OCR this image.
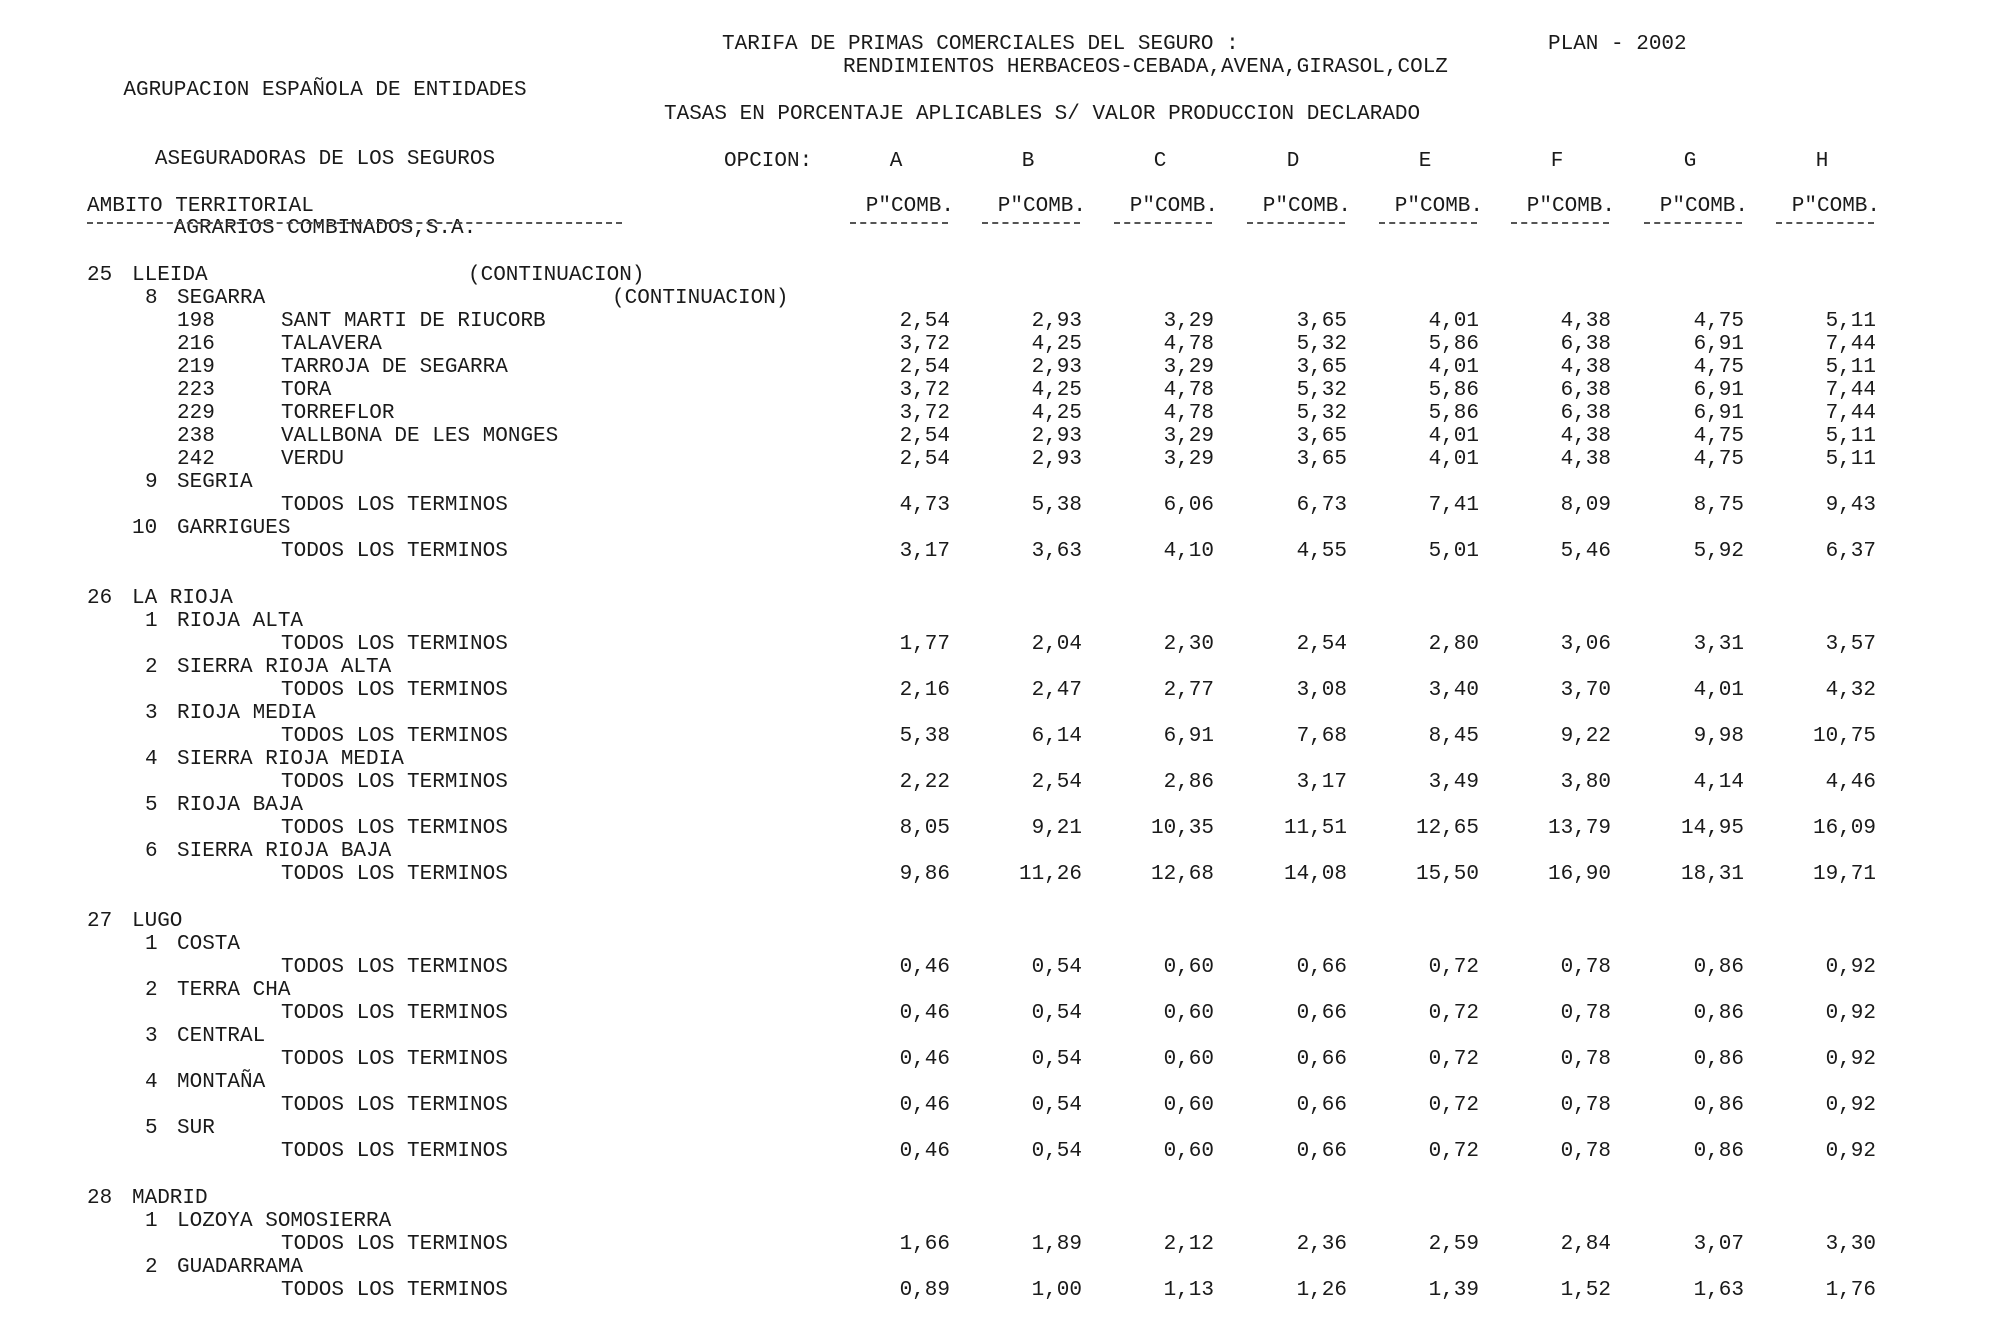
AGRUPACION ESPAÑOLA DE ENTIDADES

ASEGURADORAS DE LOS SEGUROS

AGRARIOS COMBINADOS,S.A.

TARIFA DE PRIMAS COMERCIALES DEL SEGURO :
RENDIMIENTOS HERBACEOS-CEBADA,AVENA,GIRASOL,COLZ
PLAN - 2002
TASAS EN PORCENTAJE APLICABLES S/ VALOR PRODUCCION DECLARADO

OPCION:

	A	B	C	D	E	F	G	H

AMBITO TERRITORIAL

	P"COMB.	P"COMB.	P"COMB.	P"COMB.	P"COMB.	P"COMB.	P"COMB.	P"COMB.

25 LLEIDA	(CONTINUACION)
8 SEGARRA	(CONTINUACION)
198	SANT MARTI DE RIUCORB	2,54	2,93	3,29	3,65	4,01	4,38	4,75	5,11
216	TALAVERA	3,72	4,25	4,78	5,32	5,86	6,38	6,91	7,44
219	TARROJA DE SEGARRA	2,54	2,93	3,29	3,65	4,01	4,38	4,75	5,11
223	TORA	3,72	4,25	4,78	5,32	5,86	6,38	6,91	7,44
229	TORREFLOR	3,72	4,25	4,78	5,32	5,86	6,38	6,91	7,44
238	VALLBONA DE LES MONGES	2,54	2,93	3,29	3,65	4,01	4,38	4,75	5,11
242	VERDU	2,54	2,93	3,29	3,65	4,01	4,38	4,75	5,11
9 SEGRIA
TODOS LOS TERMINOS	4,73	5,38	6,06	6,73	7,41	8,09	8,75	9,43
10 GARRIGUES
TODOS LOS TERMINOS	3,17	3,63	4,10	4,55	5,01	5,46	5,92	6,37
26 LA RIOJA
1 RIOJA ALTA
TODOS LOS TERMINOS	1,77	2,04	2,30	2,54	2,80	3,06	3,31	3,57
2 SIERRA RIOJA ALTA
TODOS LOS TERMINOS	2,16	2,47	2,77	3,08	3,40	3,70	4,01	4,32
3 RIOJA MEDIA
TODOS LOS TERMINOS	5,38	6,14	6,91	7,68	8,45	9,22	9,98	10,75
4 SIERRA RIOJA MEDIA
TODOS LOS TERMINOS	2,22	2,54	2,86	3,17	3,49	3,80	4,14	4,46
5 RIOJA BAJA
TODOS LOS TERMINOS	8,05	9,21	10,35	11,51	12,65	13,79	14,95	16,09
6 SIERRA RIOJA BAJA
TODOS LOS TERMINOS	9,86	11,26	12,68	14,08	15,50	16,90	18,31	19,71
27 LUGO
1 COSTA
TODOS LOS TERMINOS	0,46	0,54	0,60	0,66	0,72	0,78	0,86	0,92
2 TERRA CHA
TODOS LOS TERMINOS	0,46	0,54	0,60	0,66	0,72	0,78	0,86	0,92
3 CENTRAL
TODOS LOS TERMINOS	0,46	0,54	0,60	0,66	0,72	0,78	0,86	0,92
4 MONTAÑA
TODOS LOS TERMINOS	0,46	0,54	0,60	0,66	0,72	0,78	0,86	0,92
5 SUR
TODOS LOS TERMINOS	0,46	0,54	0,60	0,66	0,72	0,78	0,86	0,92
28 MADRID
1 LOZOYA SOMOSIERRA
TODOS LOS TERMINOS	1,66	1,89	2,12	2,36	2,59	2,84	3,07	3,30
2 GUADARRAMA
TODOS LOS TERMINOS	0,89	1,00	1,13	1,26	1,39	1,52	1,63	1,76
